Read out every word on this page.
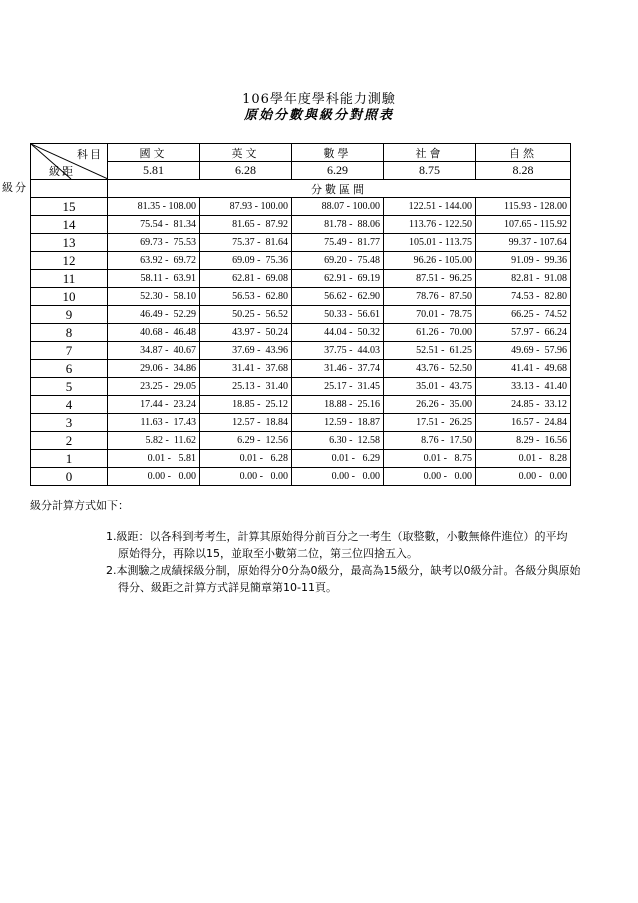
106學年度學科能力測驗
原始分數與級分對照表
科目
級距	國文	英文	數學	社會	自然
	5.81	6.28	6.29	8.75	8.28
	分數區間				
15	81.35 - 108.00	87.93 - 100.00	88.07 - 100.00	122.51 - 144.00	115.93 - 128.00
14	75.54 -  81.34	81.65 -  87.92	81.78 -  88.06	113.76 - 122.50	107.65 - 115.92
13	69.73 -  75.53	75.37 -  81.64	75.49 -  81.77	105.01 - 113.75	99.37 - 107.64
12	63.92 -  69.72	69.09 -  75.36	69.20 -  75.48	96.26 - 105.00	91.09 -  99.36
11	58.11 -  63.91	62.81 -  69.08	62.91 -  69.19	87.51 -  96.25	82.81 -  91.08
10	52.30 -  58.10	56.53 -  62.80	56.62 -  62.90	78.76 -  87.50	74.53 -  82.80
9	46.49 -  52.29	50.25 -  56.52	50.33 -  56.61	70.01 -  78.75	66.25 -  74.52
8	40.68 -  46.48	43.97 -  50.24	44.04 -  50.32	61.26 -  70.00	57.97 -  66.24
7	34.87 -  40.67	37.69 -  43.96	37.75 -  44.03	52.51 -  61.25	49.69 -  57.96
6	29.06 -  34.86	31.41 -  37.68	31.46 -  37.74	43.76 -  52.50	41.41 -  49.68
5	23.25 -  29.05	25.13 -  31.40	25.17 -  31.45	35.01 -  43.75	33.13 -  41.40
4	17.44 -  23.24	18.85 -  25.12	18.88 -  25.16	26.26 -  35.00	24.85 -  33.12
3	11.63 -  17.43	12.57 -  18.84	12.59 -  18.87	17.51 -  26.25	16.57 -  24.84
2	5.82 -  11.62	6.29 -  12.56	6.30 -  12.58	8.76 -  17.50	8.29 -  16.56
1	0.01 -   5.81	0.01 -   6.28	0.01 -   6.29	0.01 -   8.75	0.01 -   8.28
0	0.00 -   0.00	0.00 -   0.00	0.00 -   0.00	0.00 -   0.00	0.00 -   0.00
級分
級分計算方式如下：
1.級距：以各科到考考生，計算其原始得分前百分之一考生（取整數，小數無條件進位）的平均
原始得分，再除以15，並取至小數第二位，第三位四捨五入。
2.本測驗之成績採級分制，原始得分0分為0級分，最高為15級分，缺考以0級分計。各級分與原始
得分、級距之計算方式詳見簡章第10-11頁。
